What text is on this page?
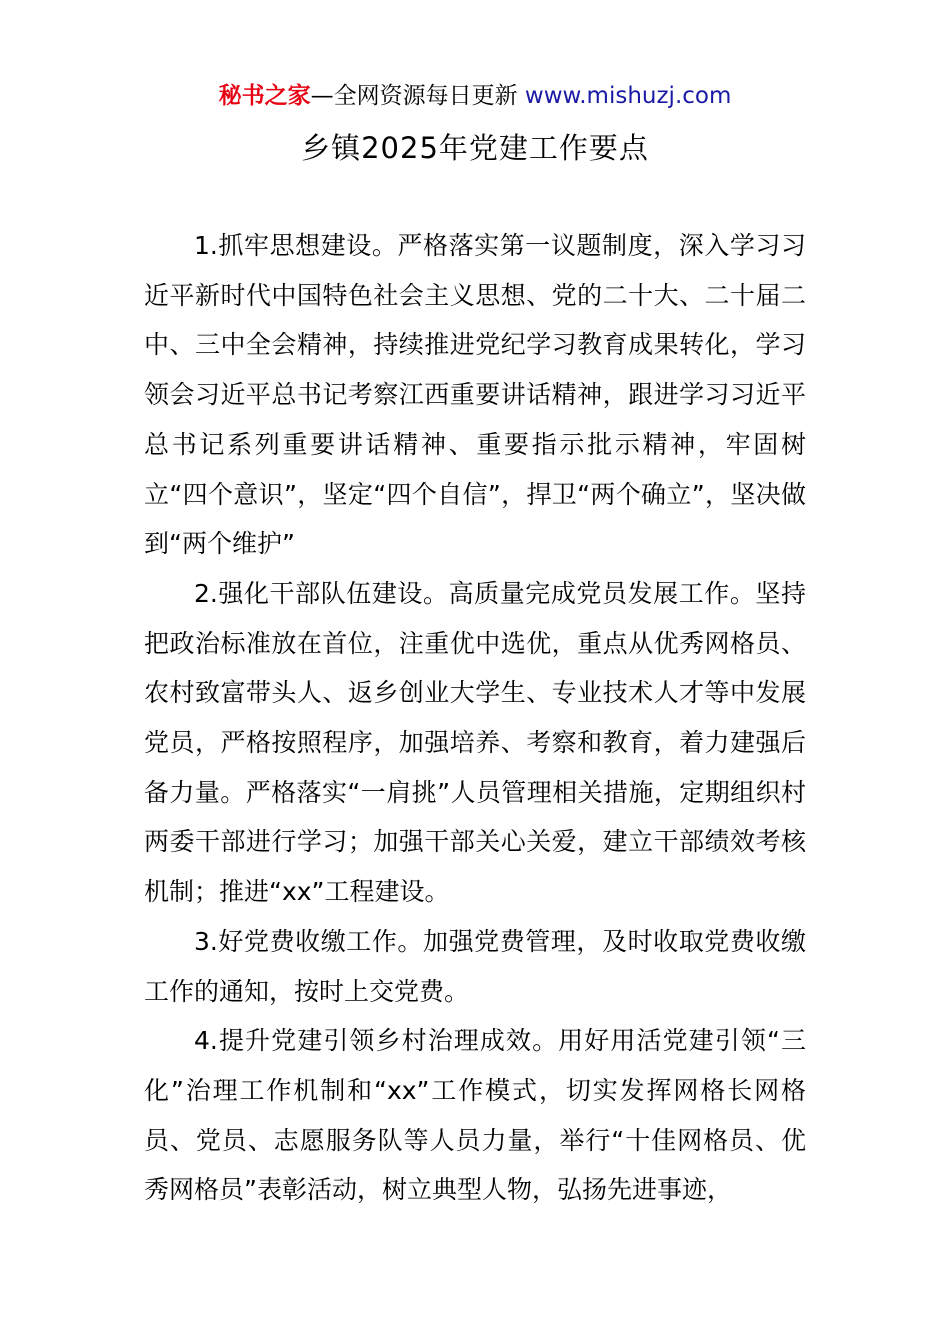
秘书之家—全网资源每日更新 www.mishuzj.com
乡镇2025年党建工作要点

1.抓牢思想建设。严格落实第一议题制度，深入学习习近平新时代中国特色社会主义思想、党的二十大、二十届二中、三中全会精神，持续推进党纪学习教育成果转化，学习领会习近平总书记考察江西重要讲话精神，跟进学习习近平总书记系列重要讲话精神、重要指示批示精神，牢固树立“四个意识”，坚定“四个自信”，捍卫“两个确立”，坚决做到“两个维护”

2.强化干部队伍建设。高质量完成党员发展工作。坚持把政治标准放在首位，注重优中选优，重点从优秀网格员、农村致富带头人、返乡创业大学生、专业技术人才等中发展党员，严格按照程序，加强培养、考察和教育，着力建强后备力量。严格落实“一肩挑”人员管理相关措施，定期组织村两委干部进行学习；加强干部关心关爱，建立干部绩效考核机制；推进“xx”工程建设。

3.好党费收缴工作。加强党费管理，及时收取党费收缴工作的通知，按时上交党费。

4.提升党建引领乡村治理成效。用好用活党建引领“三化”治理工作机制和“xx”工作模式，切实发挥网格长网格员、党员、志愿服务队等人员力量，举行“十佳网格员、优秀网格员”表彰活动，树立典型人物，弘扬先进事迹，
